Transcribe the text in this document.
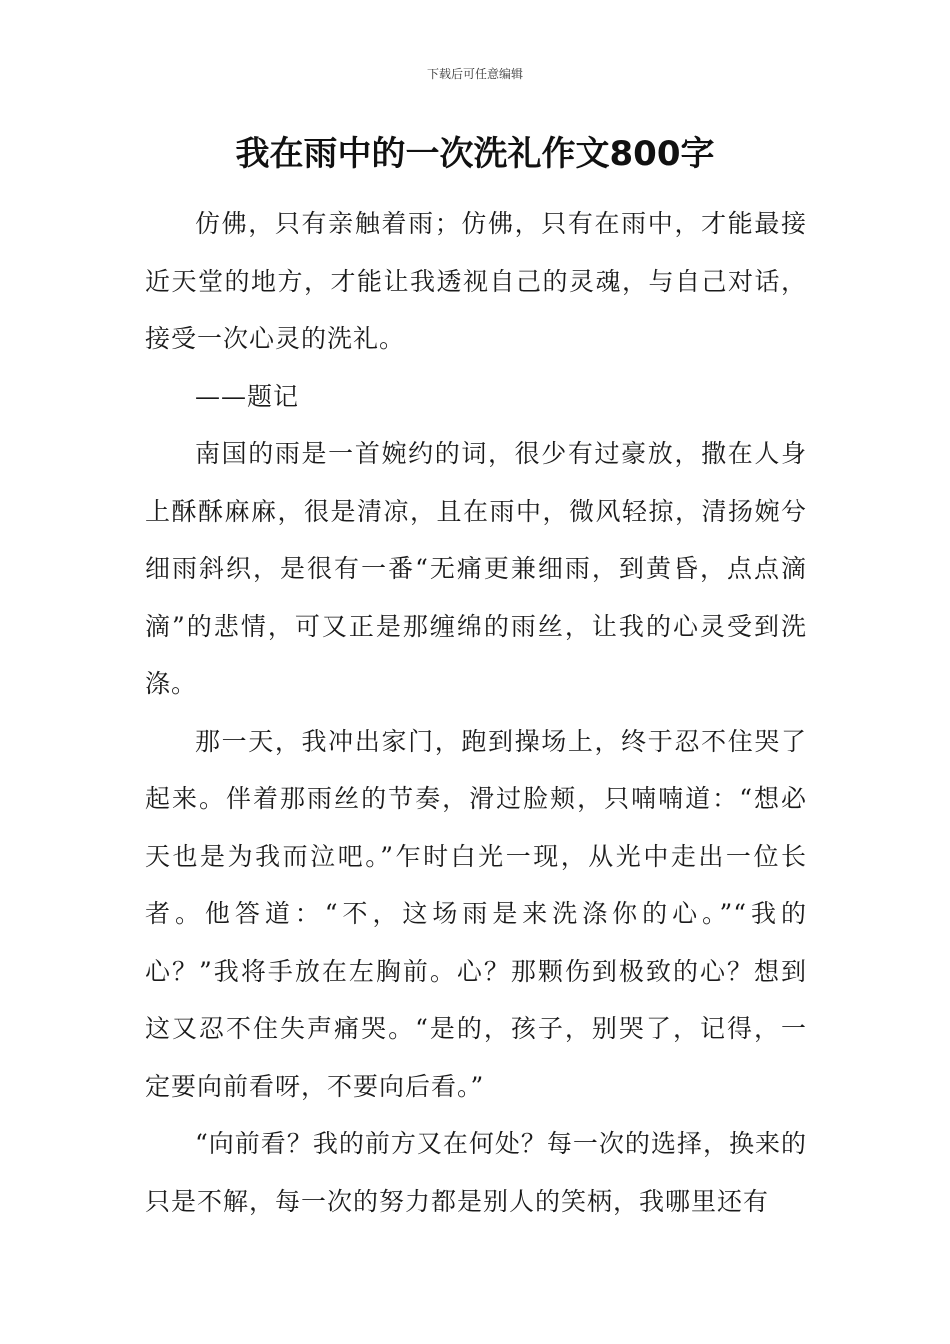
下载后可任意编辑
我在雨中的一次洗礼作文800字

仿佛，只有亲触着雨；仿佛，只有在雨中，才能最接近天堂的地方，才能让我透视自己的灵魂，与自己对话，接受一次心灵的洗礼。

——题记

南国的雨是一首婉约的词，很少有过豪放，撒在人身上酥酥麻麻，很是清凉，且在雨中，微风轻掠，清扬婉兮细雨斜织，是很有一番“无痛更兼细雨，到黄昏，点点滴滴”的悲情，可又正是那缠绵的雨丝，让我的心灵受到洗涤。

那一天，我冲出家门，跑到操场上，终于忍不住哭了起来。伴着那雨丝的节奏，滑过脸颊，只喃喃道：“想必天也是为我而泣吧。”乍时白光一现，从光中走出一位长者。他答道：“不，这场雨是来洗涤你的心。”“我的心？”我将手放在左胸前。心？那颗伤到极致的心？想到这又忍不住失声痛哭。“是的，孩子，别哭了，记得，一定要向前看呀，不要向后看。”

“向前看？我的前方又在何处？每一次的选择，换来的只是不解，每一次的努力都是别人的笑柄，我哪里还有
